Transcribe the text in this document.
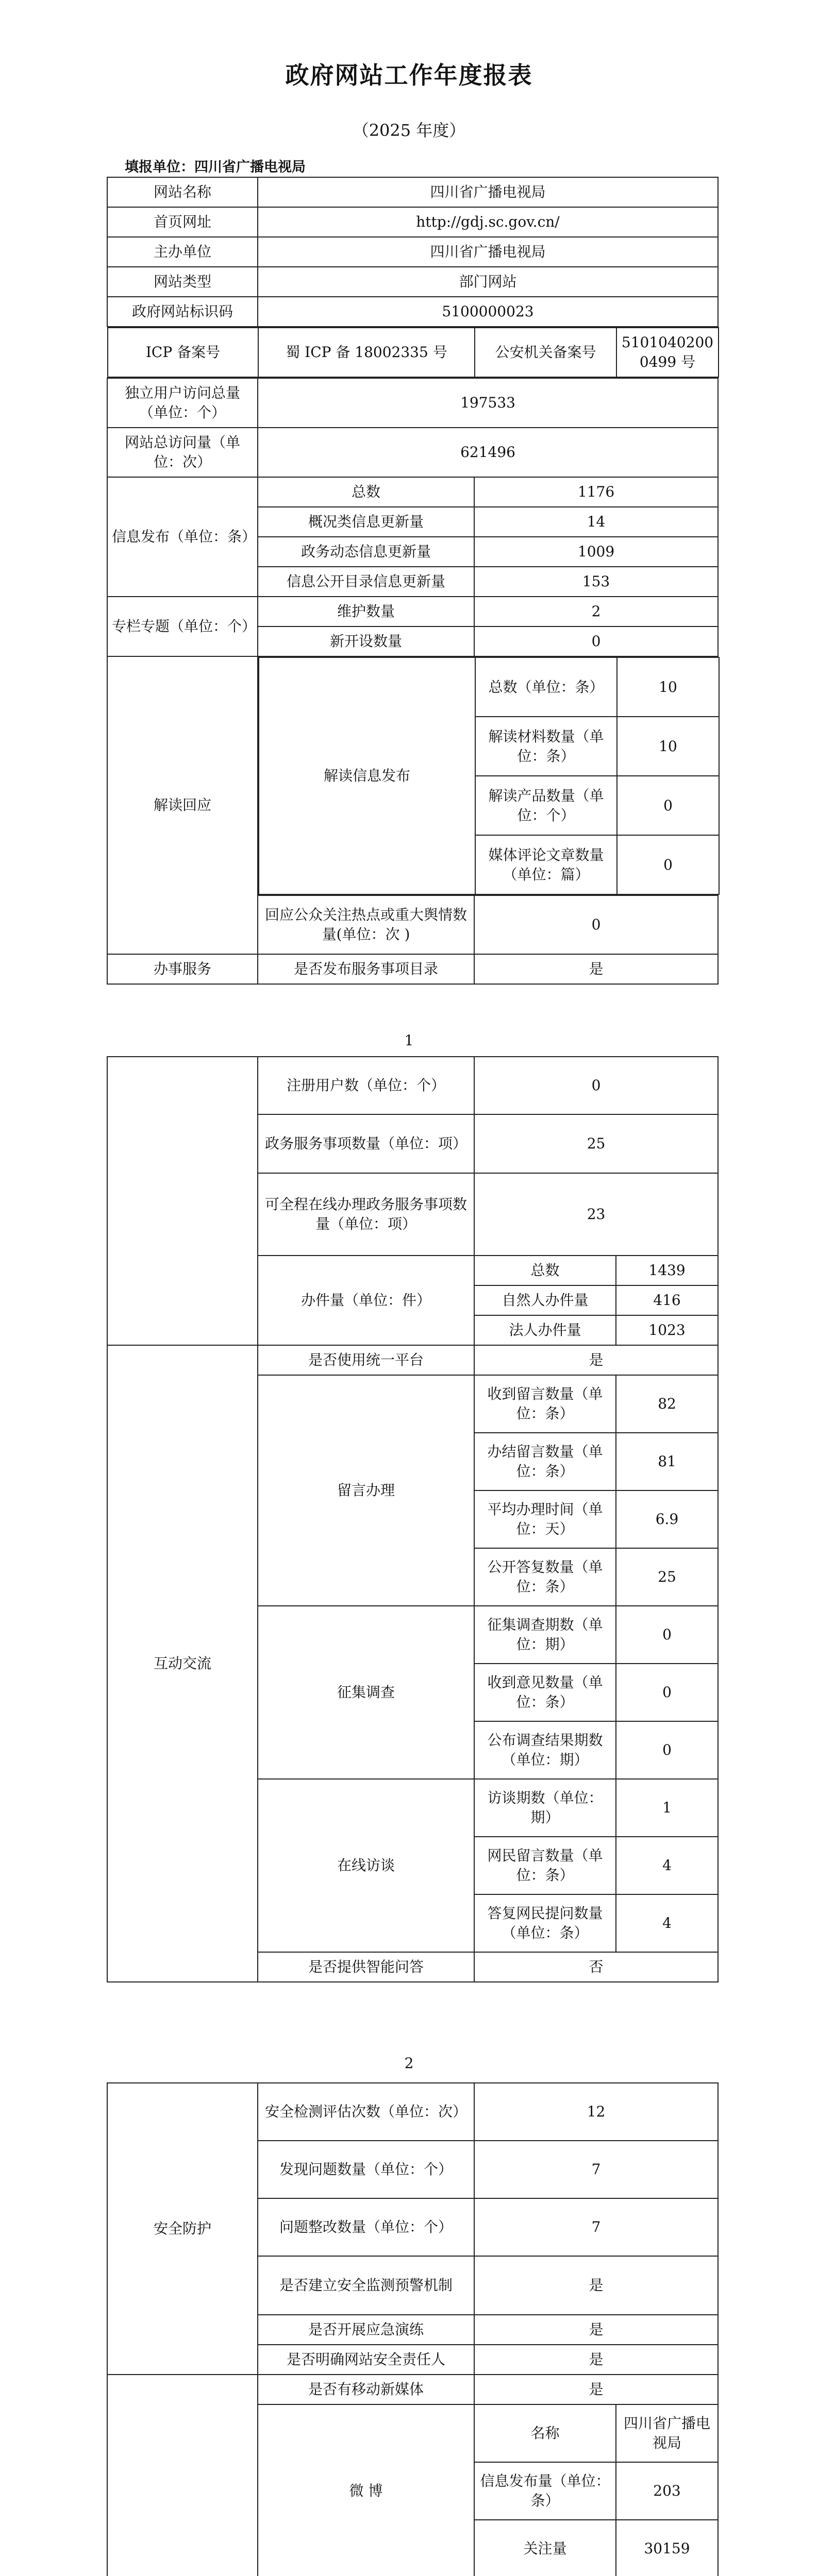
政府网站工作年度报表
（2025 年度）
填报单位：四川省广播电视局
网站名称	四川省广播电视局
首页网址	http://gdj.sc.gov.cn/
主办单位	四川省广播电视局
网站类型	部门网站
政府网站标识码	5100000023

ICP 备案号	蜀 ICP 备 18002335 号	公安机关备案号	51010402000499 号

独立用户访问总量（单位：个）	197533
网站总访问量（单位：次）	621496
信息发布（单位：条）	总数	1176
概况类信息更新量	14
政务动态信息更新量	1009
信息公开目录信息更新量	153
专栏专题（单位：个）	维护数量	2
新开设数量	0
解读回应	
解读信息发布	总数（单位：条）	10
解读材料数量（单位：条）	10
解读产品数量（单位：个）	0
媒体评论文章数量（单位：篇）	0

回应公众关注热点或重大舆情数量(单位：次 )	0
办事服务	是否发布服务事项目录	是
1
	注册用户数（单位：个）	0	
	政务服务事项数量（单位：项）	25	
	可全程在线办理政务服务事项数量（单位：项）	23	
	办件量（单位：件）	总数	1439
		自然人办件量	416
		法人办件量	1023
互动交流	是否使用统一平台	是	
	留言办理	收到留言数量（单位：条）	82
		办结留言数量（单位：条）	81
		平均办理时间（单位：天）	6.9
		公开答复数量（单位：条）	25
	征集调查	征集调查期数（单位：期）	0
		收到意见数量（单位：条）	0
		公布调查结果期数（单位：期）	0
	在线访谈	访谈期数（单位：期）	1
		网民留言数量（单位：条）	4
		答复网民提问数量（单位：条）	4
	是否提供智能问答	否	
2
安全防护	安全检测评估次数（单位：次）	12	
	发现问题数量（单位：个）	7	
	问题整改数量（单位：个）	7	
	是否建立安全监测预警机制	是	
	是否开展应急演练	是	
	是否明确网站安全责任人	是	
	是否有移动新媒体	是	
	微 博	名称	四川省广播电视局
		信息发布量（单位：条）	203
		关注量	30159
